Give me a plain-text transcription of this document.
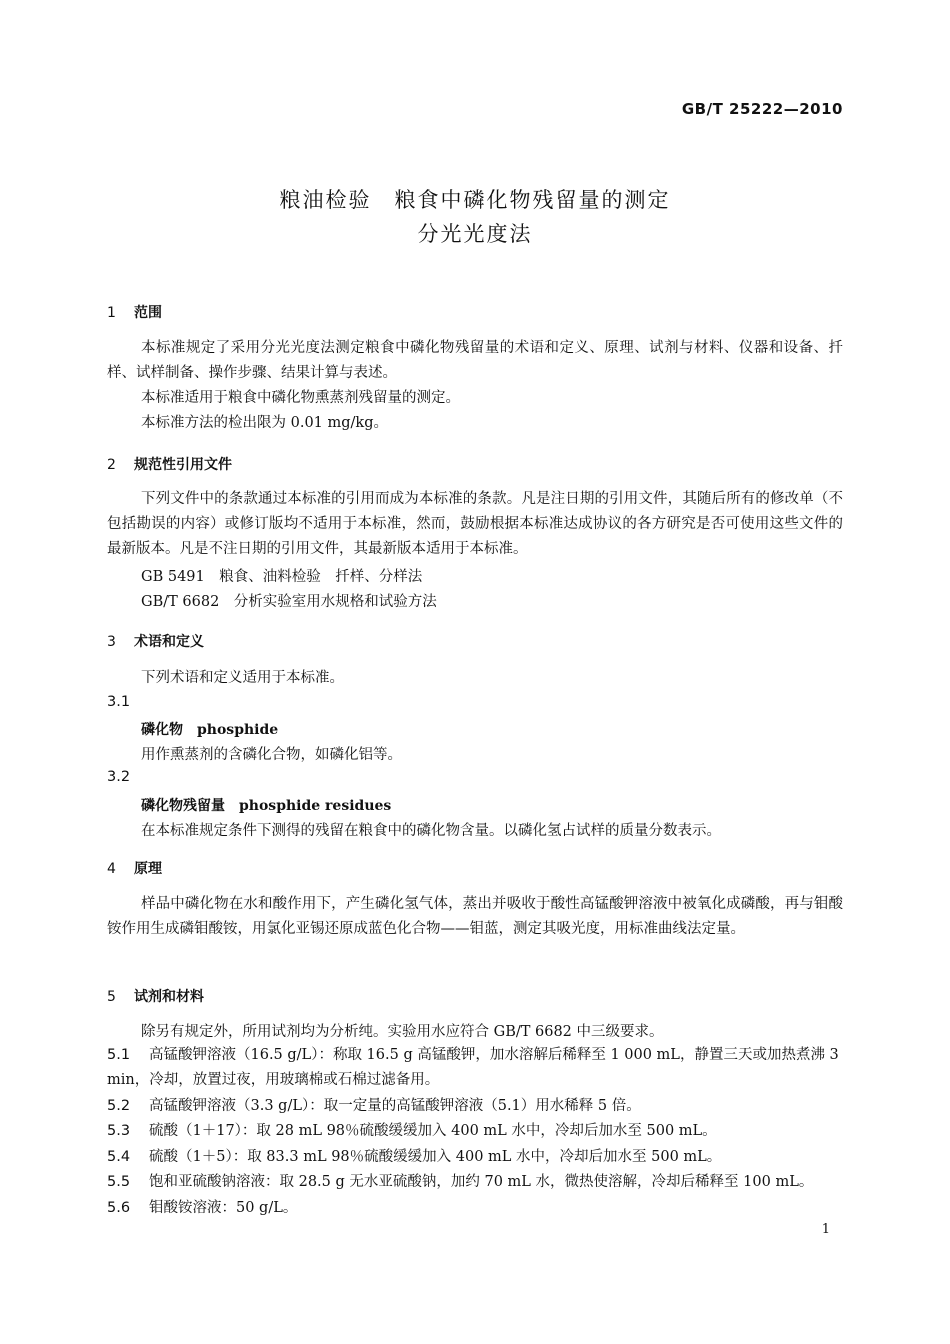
GB/T 25222—2010
粮油检验　粮食中磷化物残留量的测定
分光光度法
1 范围
本标准规定了采用分光光度法测定粮食中磷化物残留量的术语和定义、原理、试剂与材料、仪器和设备、扦样、试样制备、操作步骤、结果计算与表述。
本标准适用于粮食中磷化物熏蒸剂残留量的测定。
本标准方法的检出限为 0.01 mg/kg。
2 规范性引用文件
下列文件中的条款通过本标准的引用而成为本标准的条款。凡是注日期的引用文件，其随后所有的修改单（不包括勘误的内容）或修订版均不适用于本标准，然而，鼓励根据本标准达成协议的各方研究是否可使用这些文件的最新版本。凡是不注日期的引用文件，其最新版本适用于本标准。
GB 5491　粮食、油料检验　扦样、分样法
GB/T 6682　分析实验室用水规格和试验方法
3 术语和定义
下列术语和定义适用于本标准。
3.1
磷化物 phosphide
用作熏蒸剂的含磷化合物，如磷化铝等。
3.2
磷化物残留量 phosphide residues
在本标准规定条件下测得的残留在粮食中的磷化物含量。以磷化氢占试样的质量分数表示。
4 原理
样品中磷化物在水和酸作用下，产生磷化氢气体，蒸出并吸收于酸性高锰酸钾溶液中被氧化成磷酸，再与钼酸铵作用生成磷钼酸铵，用氯化亚锡还原成蓝色化合物——钼蓝，测定其吸光度，用标准曲线法定量。
5 试剂和材料
除另有规定外，所用试剂均为分析纯。实验用水应符合 GB/T 6682 中三级要求。
5.1 高锰酸钾溶液（16.5 g/L）：称取 16.5 g 高锰酸钾，加水溶解后稀释至 1 000 mL，静置三天或加热煮沸 3 min，冷却，放置过夜，用玻璃棉或石棉过滤备用。
5.2 高锰酸钾溶液（3.3 g/L）：取一定量的高锰酸钾溶液（5.1）用水稀释 5 倍。
5.3 硫酸（1＋17）：取 28 mL 98％硫酸缓缓加入 400 mL 水中，冷却后加水至 500 mL。
5.4 硫酸（1＋5）：取 83.3 mL 98％硫酸缓缓加入 400 mL 水中，冷却后加水至 500 mL。
5.5 饱和亚硫酸钠溶液：取 28.5 g 无水亚硫酸钠，加约 70 mL 水，微热使溶解，冷却后稀释至 100 mL。
5.6 钼酸铵溶液：50 g/L。
1
